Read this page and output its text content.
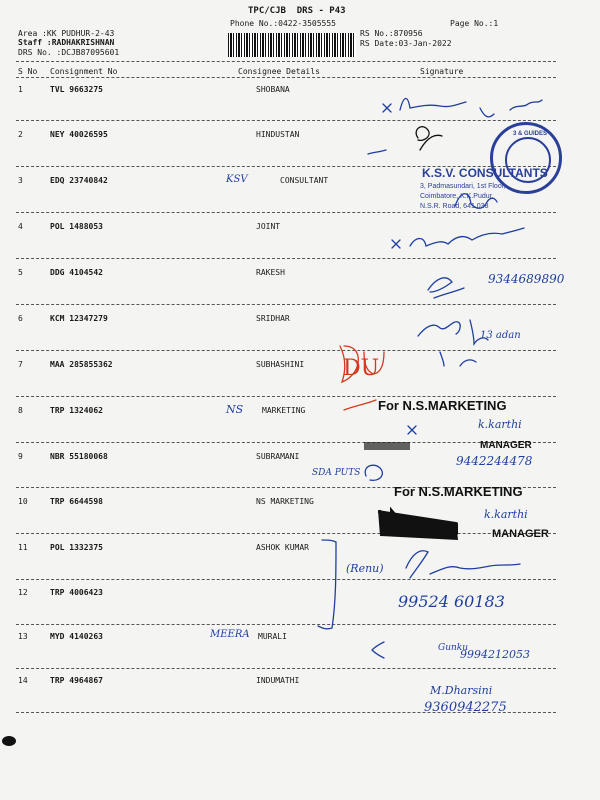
TPC/CJB  DRS - P43
Phone No.:0422-3505555	Page No.:1
Area :KK PUDHUR-2-43
Staff :RADHAKRISHNAN
DRS No. :DCJB87095601
RS No.:870956
RS Date:03-Jan-2022
S No Consignment No	Consignee Details	Signature
1	TVL 9663275	SHOBANA
2	NEY 40026595	HINDUSTAN
3	EDQ 23740842	CONSULTANT
4	POL 1488053	JOINT
5	DDG 4104542	RAKESH
6	KCM 12347279	SRIDHAR
7	MAA 285855362	SUBHASHINI
8	TRP 1324062	MARKETING
9	NBR 55180068	SUBRAMANI
10	TRP 6644598	NS MARKETING
11	POL 1332375	ASHOK KUMAR
12	TRP 4006423
13	MYD 4140263	MURALI
14	TRP 4964867	INDUMATHI
KSV
NS
MEERA
9344689890
13 adan
DU
9442244478
SDA PUTS
(Renu)
99524 60183
Gunku
9994212053
M.Dharsini
9360942275
For N.S.MARKETING
k.karthi
MANAGER
For N.S.MARKETING
k.karthi
MANAGER
3 & GUIDES
K.S.V. CONSULTANTS
3, Padmasundari, 1st Floor,
Coimbatore, K.K.Pudur,
N.S.R. Road, 641 038
